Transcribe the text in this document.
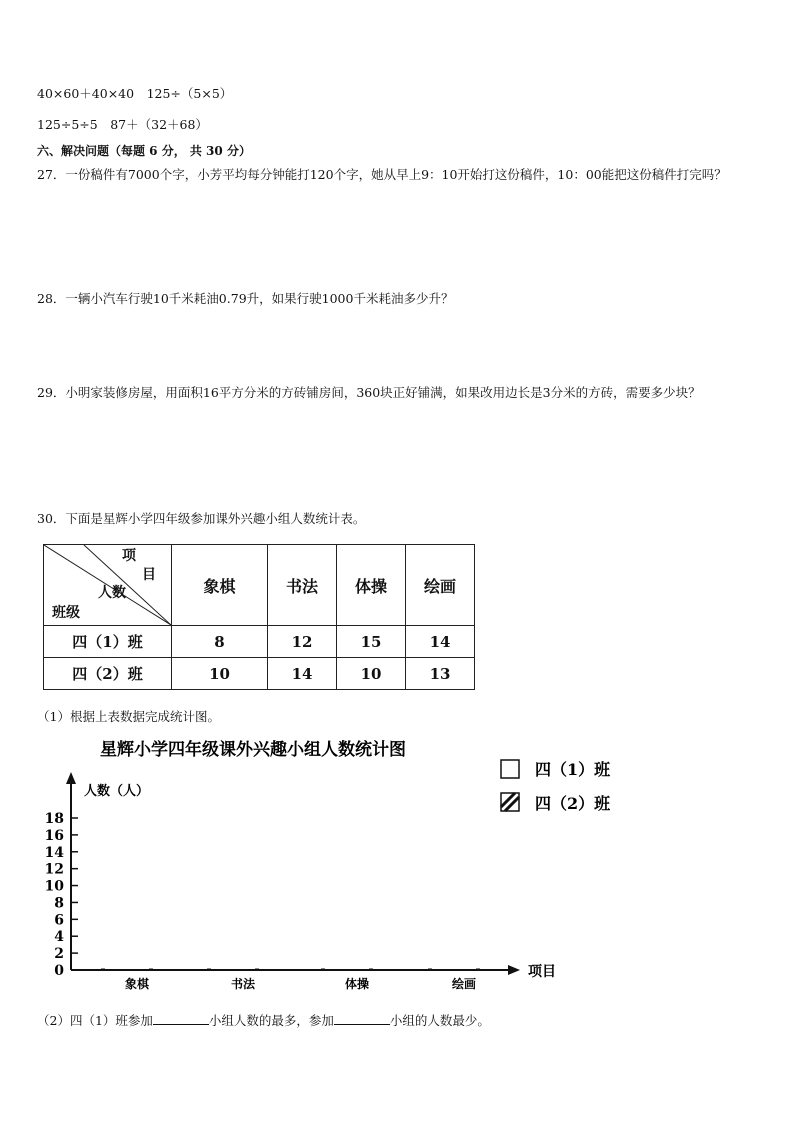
40×60＋40×40　125÷（5×5）
125÷5÷5　87＋（32＋68）
六、解决问题（每题 6 分， 共 30 分）
27．一份稿件有7000个字，小芳平均每分钟能打120个字，她从早上9：10开始打这份稿件，10：00能把这份稿件打完吗？
28．一辆小汽车行驶10千米耗油0.79升，如果行驶1000千米耗油多少升？
29．小明家装修房屋，用面积16平方分米的方砖铺房间，360块正好铺满，如果改用边长是3分米的方砖，需要多少块？
30．下面是星辉小学四年级参加课外兴趣小组人数统计表。
项
目
人数
班级	象棋	书法	体操	绘画
四（1）班	8	12	15	14
四（2）班	10	14	10	13
（1）根据上表数据完成统计图。
星辉小学四年级课外兴趣小组人数统计图
人数（人）
项目
0
2
4
6
8
10
12
14
16
18
象棋	书法	体操	绘画
四（1）班
四（2）班
（2）四（1）班参加	小组人数的最多，参加	小组的人数最少。
